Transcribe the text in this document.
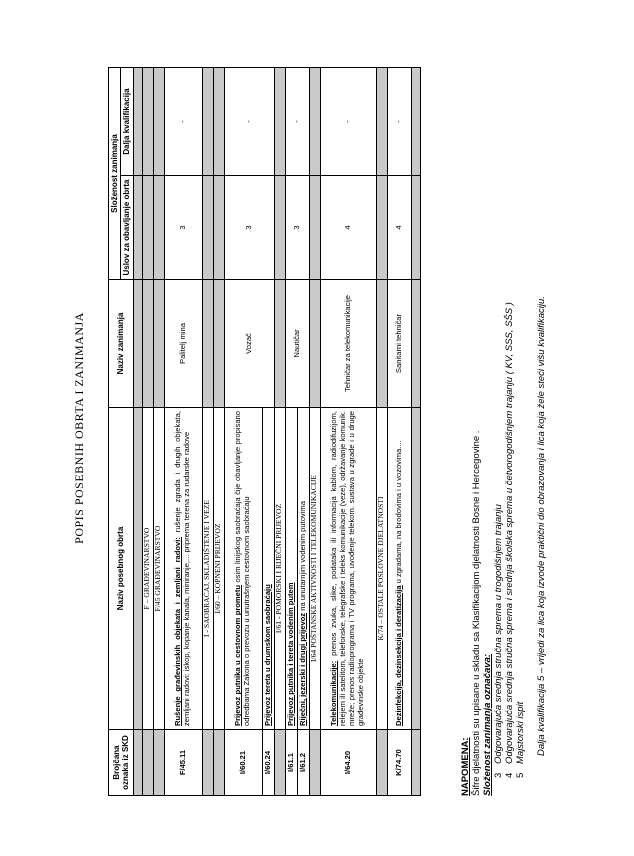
POPIS POSEBNIH OBRTA I ZANIMANJA
Brojčana oznaka iz SKD	Naziv posebnog obrta	Naziv zanimanja	Složenost zanimanja	
			Uslov za obavljanje obrta	Dalja kvalifikacija

	F – GRAĐEVINARSTVO			
	F/45 GRAĐEVINARSTVO			
F/45.11	Rušenje građevinskih objekata i zemljani radovi: rušenje zgrada i drugih objekata, zemljani radovi: iskop, kopanje kanala, miniranje,... priprema terena za rudarske radove	Palitelj mina	3	-
	I - SAOBRAĆAJ, SKLADIŠTENJE I VEZE			
	I/60 – KOPNENI PRIJEVOZ			
I/60.21	Prijevoz putnika u cestovnom prometu osim linijskog saobraćaja čije obavljanje propisano odredbama Zakona o prevozu u unutrašnjem cestovnom saobraćaju	Vozač	3	-
I/60.24	Prijevoz tereta u drumskom saobraćaju			
	I/61 - POMORSKI I RIJEČNI PRIJEVOZ			
I/61.1	Prijevoz putnika i tereta vodenim putem	Nautičar	3	-
I/61.2	Riječni, jezerski i drugi prijevoz na unutarnjim vodenim putovima			
	I/64 POŠTANSKE AKTIVNOSTI I TELEKOMUNIKACIJE			
I/64.20	Telekomunikacije: prenos zvuka, slike, podataka ili informacija kablom, radiodifuzijom, relejem ili satelitom, telefonske, telegrafske i teleks komunikacije (veze), održavanje komunik. mreže; prenos radioprograma i TV programa, uvođenje telekom. sustava u zgrade i u druge građevinske objekte	Tehničar za telekomunikacije	4	-
	K/74 – OSTALE POSLOVNE DJELATNOSTI			
K/74.70	Dezinfekcija, dezinsekcija i deratizacija u zgradama, na brodovima i u vozovima....	Sanitarni tehničar	4	-

NAPOMENA: Šifre djelatnosti su upisane u skladu sa Klasifikacijom djelatnosti Bosne i Hercegovine . Složenost zanimanja označava: 3Odgovarajuća srednja stručna sprema u trogodišnjem trajanju
4Odgovarajuća srednja stručna sprema i srednja školska sprema u četvorogodišnjem trajanju ( KV, SSS, SŠS )
5Majstorski ispit Dalja kvalifikacija 5 – vrijedi za lica koja izvode praktični dio obrazovanja i lica koja žele steći višu kvalifikaciju.
